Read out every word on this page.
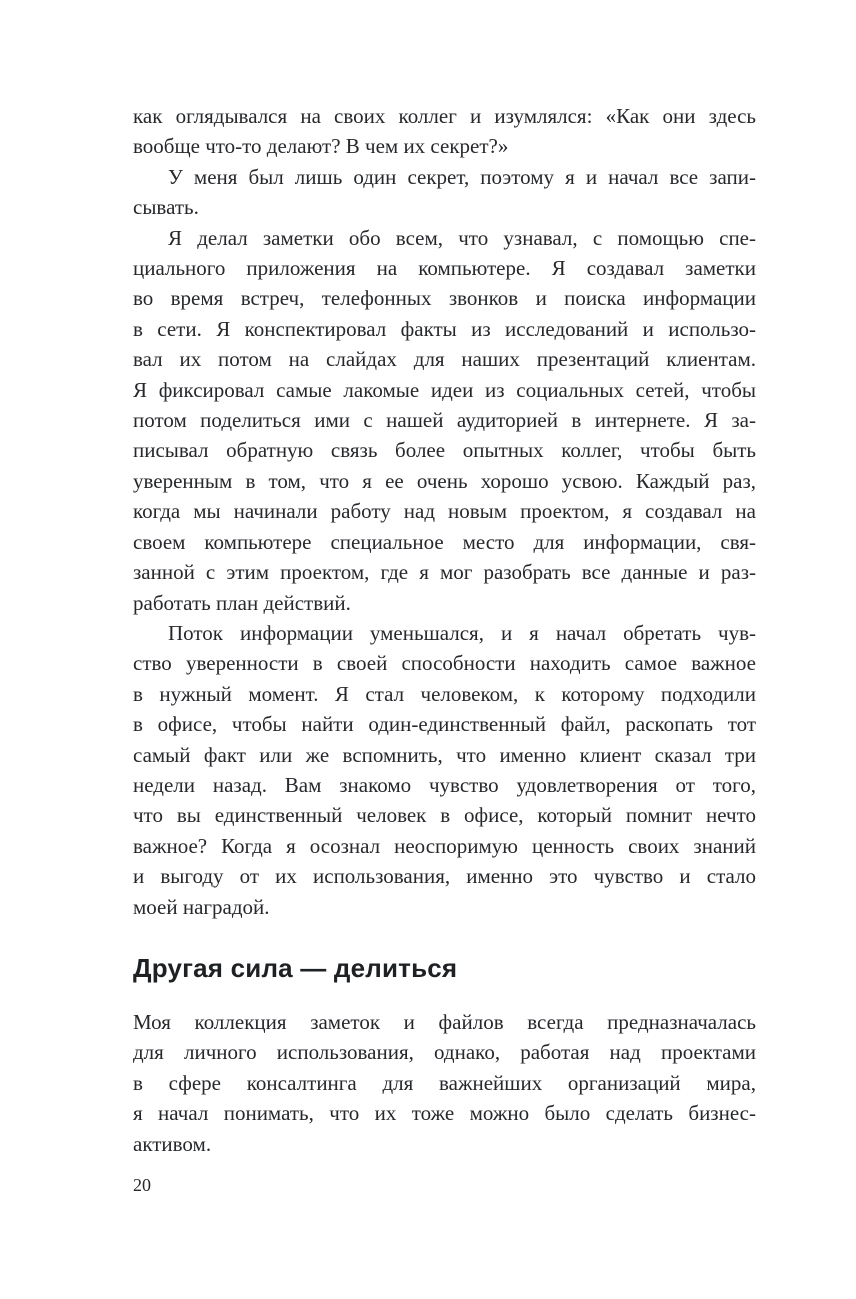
как оглядывался на своих коллег и изумлялся: «Как они здесь
вообще что-то делают? В чем их секрет?»

У меня был лишь один секрет, поэтому я и начал все запи-
сывать.

Я делал заметки обо всем, что узнавал, с помощью спе-
циального приложения на компьютере. Я создавал заметки
во время встреч, телефонных звонков и поиска информации
в сети. Я конспектировал факты из исследований и использо-
вал их потом на слайдах для наших презентаций клиентам.
Я фиксировал самые лакомые идеи из социальных сетей, чтобы
потом поделиться ими с нашей аудиторией в интернете. Я за-
писывал обратную связь более опытных коллег, чтобы быть
уверенным в том, что я ее очень хорошо усвою. Каждый раз,
когда мы начинали работу над новым проектом, я создавал на
своем компьютере специальное место для информации, свя-
занной с этим проектом, где я мог разобрать все данные и раз-
работать план действий.

Поток информации уменьшался, и я начал обретать чув-
ство уверенности в своей способности находить самое важное
в нужный момент. Я стал человеком, к которому подходили
в офисе, чтобы найти один-единственный файл, раскопать тот
самый факт или же вспомнить, что именно клиент сказал три
недели назад. Вам знакомо чувство удовлетворения от того,
что вы единственный человек в офисе, который помнит нечто
важное? Когда я осознал неоспоримую ценность своих знаний
и выгоду от их использования, именно это чувство и стало
моей наградой.

Другая сила — делиться

Моя коллекция заметок и файлов всегда предназначалась
для личного использования, однако, работая над проектами
в сфере консалтинга для важнейших организаций мира,
я начал понимать, что их тоже можно было сделать бизнес-
активом.

20
